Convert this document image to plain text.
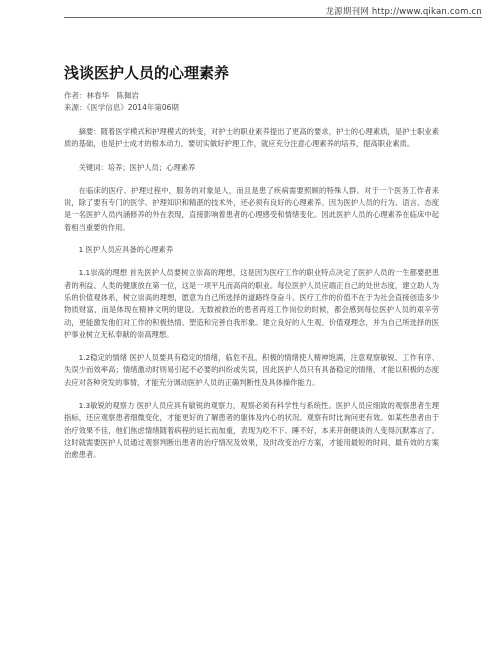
龙源期刊网 http://www.qikan.com.cn
浅谈医护人员的心理素养
作者：林春华　陈佩岩
来源：《医学信息》2014年第06期

摘要：随着医学模式和护理模式的转变，对护士的职业素养提出了更高的要求，护士的心理素质，是护士职业素质的基础，也是护士成才的根本动力，要切实做好护理工作，就应充分注意心理素养的培养，提高职业素质。

关键词：培养；医护人员；心理素养

在临床的医疗、护理过程中，服务的对象是人，而且是患了疾病需要照顾的特殊人群。对于一个医务工作者来说，除了要有专门的医学、护理知识和精湛的技术外，还必须有良好的心理素养。因为医护人员的行为、语言、态度是一名医护人员内涵修养的外在表现，直接影响着患者的心理感受和情绪变化。因此医护人员的心理素养在临床中起着相当重要的作用。

1 医护人员应具备的心理素养

1.1崇高的理想 首先医护人员要树立崇高的理想，这是因为医疗工作的职业特点决定了医护人员的一生都要把患者的利益、人类的健康放在第一位，这是一项平凡而高尚的职业。每位医护人员应端正自己的处世态度，建立助人为乐的价值观体系，树立崇高的理想，愿意为自己所选择的道路终身奋斗。医疗工作的价值不在于为社会直接创造多少物质财富，而是体现在精神文明的建设。无数被救治的患者再返工作岗位的时候，都会感到每位医护人员的艰辛劳动，更能激发他们对工作的积极热情、塑造和完善自我形象。建立良好的人生观、价值观理念，并为自己所选择的医护事业树立无私奉献的崇高理想。

1.2稳定的情绪 医护人员要具有稳定的情绪，临危不乱，积极的情绪使人精神饱满，注意观察敏锐、工作有序、失误少而效率高；情绪激动时则易引起不必要的纠纷或失误，因此医护人员只有具备稳定的情绪，才能以积极的态度去应对各种突发的事情，才能充分调动医护人员的正确判断性及具体操作能力。

1.3敏锐的观察力 医护人员应具有敏锐的观察力，观察必须有科学性与系统性。医护人员应细致的观察患者生理指标，还应观察患者细微变化，才能更好的了解患者的躯体及内心的状况。观察有时比询问更有效。如某些患者由于治疗效果不佳，他们焦虑情绪随着病程的延长而加重，表现为吃不下、睡不好，本来开朗健谈的人变得沉默寡言了。这时就需要医护人员通过观察判断出患者的治疗情况及效果，及时改变治疗方案，才能用最短的时间、最有效的方案治愈患者。
